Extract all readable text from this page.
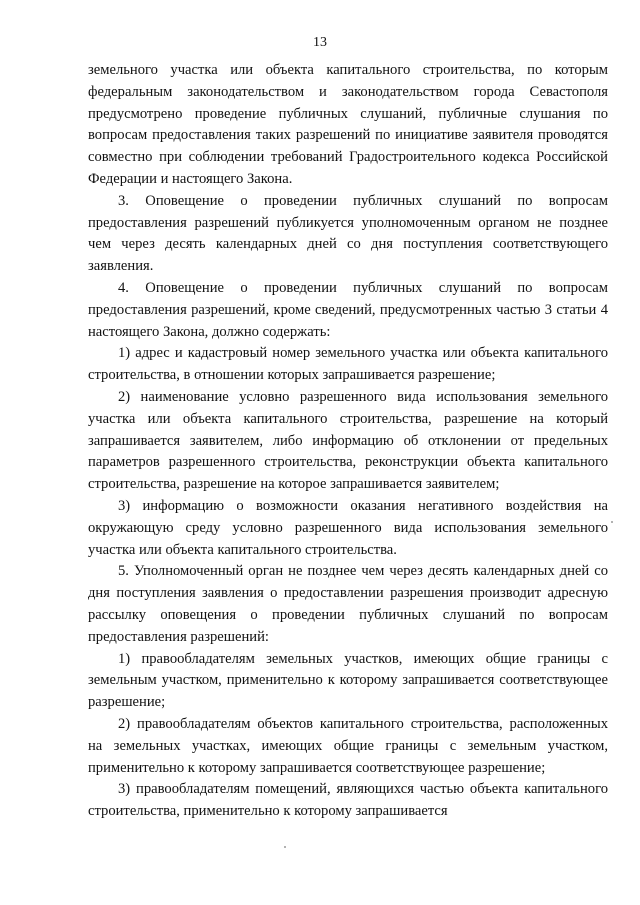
13

земельного участка или объекта капитального строительства, по которым федеральным законодательством и законодательством города Севастополя предусмотрено проведение публичных слушаний, публичные слушания по вопросам предоставления таких разрешений по инициативе заявителя проводятся совместно при соблюдении требований Градостроительного кодекса Российской Федерации и настоящего Закона.

3. Оповещение о проведении публичных слушаний по вопросам предоставления разрешений публикуется уполномоченным органом не позднее чем через десять календарных дней со дня поступления соответствующего заявления.

4. Оповещение о проведении публичных слушаний по вопросам предоставления разрешений, кроме сведений, предусмотренных частью 3 статьи 4 настоящего Закона, должно содержать:

1) адрес и кадастровый номер земельного участка или объекта капитального строительства, в отношении которых запрашивается разрешение;

2) наименование условно разрешенного вида использования земельного участка или объекта капитального строительства, разрешение на который запрашивается заявителем, либо информацию об отклонении от предельных параметров разрешенного строительства, реконструкции объекта капитального строительства, разрешение на которое запрашивается заявителем;

3) информацию о возможности оказания негативного воздействия на окружающую среду условно разрешенного вида использования земельного участка или объекта капитального строительства.

5. Уполномоченный орган не позднее чем через десять календарных дней со дня поступления заявления о предоставлении разрешения производит адресную рассылку оповещения о проведении публичных слушаний по вопросам предоставления разрешений:

1) правообладателям земельных участков, имеющих общие границы с земельным участком, применительно к которому запрашивается соответствующее разрешение;

2) правообладателям объектов капитального строительства, расположенных на земельных участках, имеющих общие границы с земельным участком, применительно к которому запрашивается соответствующее разрешение;

3) правообладателям помещений, являющихся частью объекта капитального строительства, применительно к которому запрашивается
